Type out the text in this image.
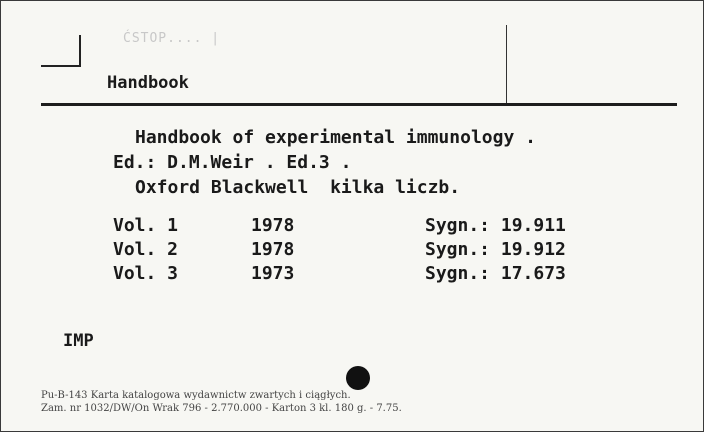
ĆSTOP.... |
Handbook
Handbook of experimental immunology .
Ed.: D.M.Weir . Ed.3 .
Oxford Blackwell  kilka liczb.
Vol. 1	1978	Sygn.: 19.911
Vol. 2	1978	Sygn.: 19.912
Vol. 3	1973	Sygn.: 17.673
IMP
Pu-B-143 Karta katalogowa wydawnictw zwartych i ciągłych.
Zam. nr 1032/DW/On Wrak 796 - 2.770.000 - Karton 3 kl. 180 g. - 7.75.
